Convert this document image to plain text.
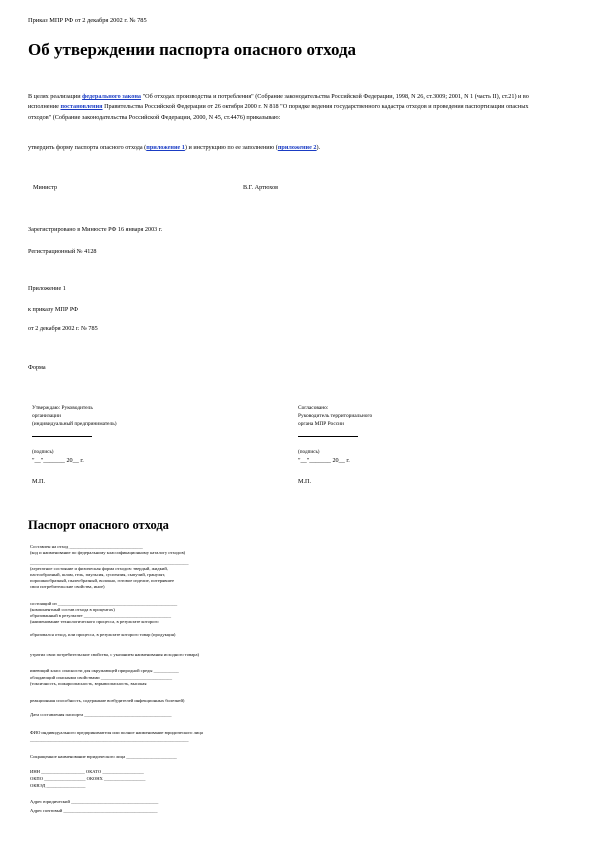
Приказ МПР РФ от 2 декабря 2002 г. № 785
Об утверждении паспорта опасного отхода
В целях реализации федерального закона "Об отходах производства и потребления" (Собрание законодательства Российской Федерации, 1998, N 26, ст.3009; 2001, N 1 (часть II), ст.21) и во исполнение постановления Правительства Российской Федерации от 26 октября 2000 г. N 818 "О порядке ведения государственного кадастра отходов и проведения паспортизации опасных отходов" (Собрание законодательства Российской Федерации, 2000, N 45, ст.4476) приказываю:
утвердить форму паспорта опасного отхода (приложение 1) и инструкцию по ее заполнению (приложение 2).
Министр	В.Г. Артюхов
Зарегистрировано в Минюсте РФ 16 января 2003 г.
Регистрационный № 4128
Приложение 1
к приказу МПР РФ
от 2 декабря 2002 г. № 785
Форма
Утверждаю: Руководитель
организации
(индивидуальный предприниматель)
Согласовано:
Руководитель территориального
органа МПР России
(подпись)
"__"_______ 20__ г.
(подпись)
"__"_______ 20__ г.
М.П.	М.П.
Паспорт опасного отхода
Составлен на отход ________________________________
(код и наименование по федеральному классификационному каталогу отходов)
_____________________________________________________________________
(агрегатное состояние и физическая форма отходов: твердый, жидкий,
пастообразный, шлам, гель, эмульсия, суспензия, сыпучий, гранулят,
порошкообразный, пылеобразный, волокно, готовое изделие, потерявшее
свои потребительские свойства, иное)
состоящий из ____________________________________________________
(компонентный состав отхода в процентах)
образованный в результате ______________________________________
(наименование технологического процесса, в результате которого
образовался отход, или процесса, в результате которого товар (продукция)
утратил свои потребительские свойства, с указанием наименования исходного товара)
имеющий класс опасности для окружающей природной среды ___________
обладающий опасными свойствами _______________________________
(токсичность, пожароопасность, взрывоопасность, высокая
реакционная способность, содержание возбудителей инфекционных болезней)
Дата составления паспорта ______________________________________
ФИО индивидуального предпринимателя или полное наименование юридического лица
_____________________________________________________________________
Сокращенное наименование юридического лица ______________________
ИНН ___________________ ОКАТО __________________
ОКПО __________________ ОКОНХ __________________
ОКВЭД _________________
Адрес юридический ______________________________________
Адрес почтовый _________________________________________
